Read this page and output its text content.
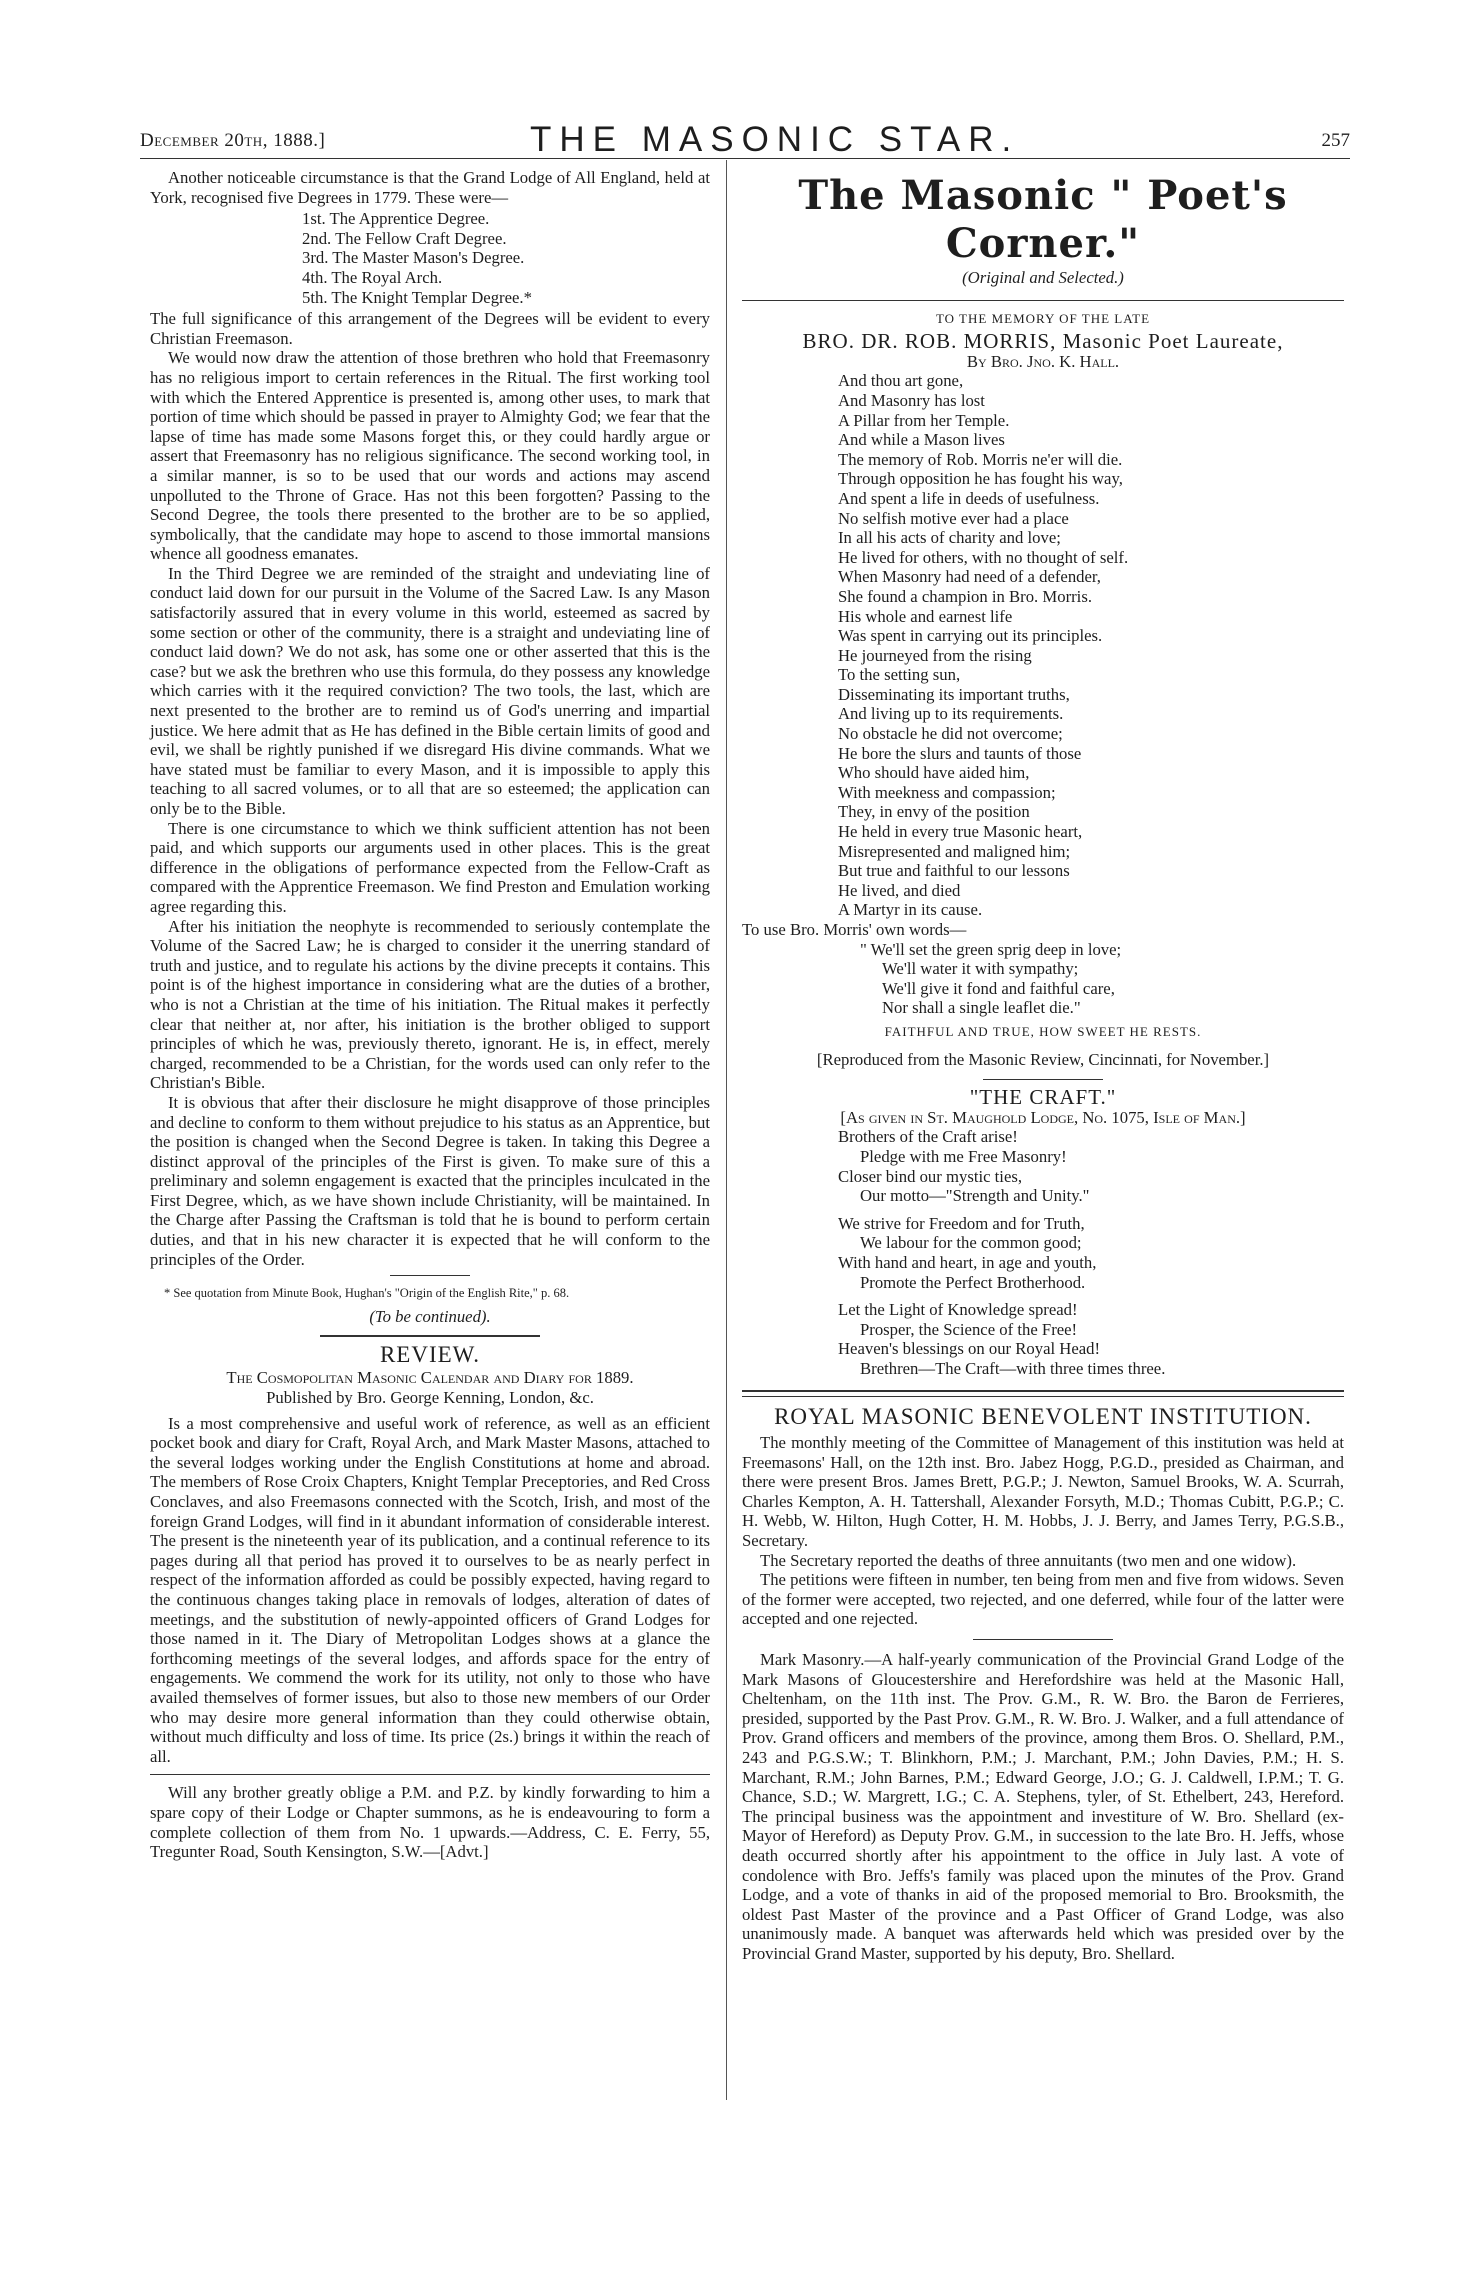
December 20th, 1888.]	THE MASONIC STAR.	257

Another noticeable circumstance is that the Grand Lodge of All England, held at York, recognised five Degrees in 1779. These were—

1st. The Apprentice Degree.
2nd. The Fellow Craft Degree.
3rd. The Master Mason's Degree.
4th. The Royal Arch.
5th. The Knight Templar Degree.*

The full significance of this arrangement of the Degrees will be evident to every Christian Freemason.

We would now draw the attention of those brethren who hold that Freemasonry has no religious import to certain references in the Ritual. The first working tool with which the Entered Apprentice is presented is, among other uses, to mark that portion of time which should be passed in prayer to Almighty God; we fear that the lapse of time has made some Masons forget this, or they could hardly argue or assert that Freemasonry has no religious significance. The second working tool, in a similar manner, is so to be used that our words and actions may ascend unpolluted to the Throne of Grace. Has not this been forgotten? Passing to the Second Degree, the tools there presented to the brother are to be so applied, symbolically, that the candidate may hope to ascend to those immortal mansions whence all goodness emanates.

In the Third Degree we are reminded of the straight and undeviating line of conduct laid down for our pursuit in the Volume of the Sacred Law. Is any Mason satisfactorily assured that in every volume in this world, esteemed as sacred by some section or other of the community, there is a straight and undeviating line of conduct laid down? We do not ask, has some one or other asserted that this is the case? but we ask the brethren who use this formula, do they possess any knowledge which carries with it the required conviction? The two tools, the last, which are next presented to the brother are to remind us of God's unerring and impartial justice. We here admit that as He has defined in the Bible certain limits of good and evil, we shall be rightly punished if we disregard His divine commands. What we have stated must be familiar to every Mason, and it is impossible to apply this teaching to all sacred volumes, or to all that are so esteemed; the application can only be to the Bible.

There is one circumstance to which we think sufficient attention has not been paid, and which supports our arguments used in other places. This is the great difference in the obligations of performance expected from the Fellow-Craft as compared with the Apprentice Freemason. We find Preston and Emulation working agree regarding this.

After his initiation the neophyte is recommended to seriously contemplate the Volume of the Sacred Law; he is charged to consider it the unerring standard of truth and justice, and to regulate his actions by the divine precepts it contains. This point is of the highest importance in considering what are the duties of a brother, who is not a Christian at the time of his initiation. The Ritual makes it perfectly clear that neither at, nor after, his initiation is the brother obliged to support principles of which he was, previously thereto, ignorant. He is, in effect, merely charged, recommended to be a Christian, for the words used can only refer to the Christian's Bible.

It is obvious that after their disclosure he might disapprove of those principles and decline to conform to them without prejudice to his status as an Apprentice, but the position is changed when the Second Degree is taken. In taking this Degree a distinct approval of the principles of the First is given. To make sure of this a preliminary and solemn engagement is exacted that the principles inculcated in the First Degree, which, as we have shown include Christianity, will be maintained. In the Charge after Passing the Craftsman is told that he is bound to perform certain duties, and that in his new character it is expected that he will conform to the principles of the Order.

* See quotation from Minute Book, Hughan's "Origin of the English Rite," p. 68.

(To be continued).

REVIEW.

The Cosmopolitan Masonic Calendar and Diary for 1889.

Published by Bro. George Kenning, London, &c.

Is a most comprehensive and useful work of reference, as well as an efficient pocket book and diary for Craft, Royal Arch, and Mark Master Masons, attached to the several lodges working under the English Constitutions at home and abroad. The members of Rose Croix Chapters, Knight Templar Preceptories, and Red Cross Conclaves, and also Freemasons connected with the Scotch, Irish, and most of the foreign Grand Lodges, will find in it abundant information of considerable interest. The present is the nineteenth year of its publication, and a continual reference to its pages during all that period has proved it to ourselves to be as nearly perfect in respect of the information afforded as could be possibly expected, having regard to the continuous changes taking place in removals of lodges, alteration of dates of meetings, and the substitution of newly-appointed officers of Grand Lodges for those named in it. The Diary of Metropolitan Lodges shows at a glance the forthcoming meetings of the several lodges, and affords space for the entry of engagements. We commend the work for its utility, not only to those who have availed themselves of former issues, but also to those new members of our Order who may desire more general information than they could otherwise obtain, without much difficulty and loss of time. Its price (2s.) brings it within the reach of all.

Will any brother greatly oblige a P.M. and P.Z. by kindly forwarding to him a spare copy of their Lodge or Chapter summons, as he is endeavouring to form a complete collection of them from No. 1 upwards.—Address, C. E. Ferry, 55, Tregunter Road, South Kensington, S.W.—[Advt.]

The Masonic " Poet's Corner."

(Original and Selected.)

TO THE MEMORY OF THE LATE

BRO. DR. ROB. MORRIS, Masonic Poet Laureate,

By Bro. Jno. K. Hall.

And thou art gone,
And Masonry has lost
A Pillar from her Temple.
And while a Mason lives
The memory of Rob. Morris ne'er will die.
Through opposition he has fought his way,
And spent a life in deeds of usefulness.
No selfish motive ever had a place
In all his acts of charity and love;
He lived for others, with no thought of self.
When Masonry had need of a defender,
She found a champion in Bro. Morris.
His whole and earnest life
Was spent in carrying out its principles.
He journeyed from the rising
To the setting sun,
Disseminating its important truths,
And living up to its requirements.
No obstacle he did not overcome;
He bore the slurs and taunts of those
Who should have aided him,
With meekness and compassion;
They, in envy of the position
He held in every true Masonic heart,
Misrepresented and maligned him;
But true and faithful to our lessons
He lived, and died
A Martyr in its cause.

To use Bro. Morris' own words—

" We'll set the green sprig deep in love;
We'll water it with sympathy;
We'll give it fond and faithful care,
Nor shall a single leaflet die."

FAITHFUL AND TRUE, HOW SWEET HE RESTS.

[Reproduced from the Masonic Review, Cincinnati, for November.]

"THE CRAFT."

[As given in St. Maughold Lodge, No. 1075, Isle of Man.]

Brothers of the Craft arise!
Pledge with me Free Masonry!
Closer bind our mystic ties,
Our motto—"Strength and Unity."
We strive for Freedom and for Truth,
We labour for the common good;
With hand and heart, in age and youth,
Promote the Perfect Brotherhood.
Let the Light of Knowledge spread!
Prosper, the Science of the Free!
Heaven's blessings on our Royal Head!
Brethren—The Craft—with three times three.
ROYAL MASONIC BENEVOLENT INSTITUTION.

The monthly meeting of the Committee of Management of this institution was held at Freemasons' Hall, on the 12th inst. Bro. Jabez Hogg, P.G.D., presided as Chairman, and there were present Bros. James Brett, P.G.P.; J. Newton, Samuel Brooks, W. A. Scurrah, Charles Kempton, A. H. Tattershall, Alexander Forsyth, M.D.; Thomas Cubitt, P.G.P.; C. H. Webb, W. Hilton, Hugh Cotter, H. M. Hobbs, J. J. Berry, and James Terry, P.G.S.B., Secretary.

The Secretary reported the deaths of three annuitants (two men and one widow).

The petitions were fifteen in number, ten being from men and five from widows. Seven of the former were accepted, two rejected, and one deferred, while four of the latter were accepted and one rejected.

Mark Masonry.—A half-yearly communication of the Provincial Grand Lodge of the Mark Masons of Gloucestershire and Herefordshire was held at the Masonic Hall, Cheltenham, on the 11th inst. The Prov. G.M., R. W. Bro. the Baron de Ferrieres, presided, supported by the Past Prov. G.M., R. W. Bro. J. Walker, and a full attendance of Prov. Grand officers and members of the province, among them Bros. O. Shellard, P.M., 243 and P.G.S.W.; T. Blinkhorn, P.M.; J. Marchant, P.M.; John Davies, P.M.; H. S. Marchant, R.M.; John Barnes, P.M.; Edward George, J.O.; G. J. Caldwell, I.P.M.; T. G. Chance, S.D.; W. Margrett, I.G.; C. A. Stephens, tyler, of St. Ethelbert, 243, Hereford. The principal business was the appointment and investiture of W. Bro. Shellard (ex-Mayor of Hereford) as Deputy Prov. G.M., in succession to the late Bro. H. Jeffs, whose death occurred shortly after his appointment to the office in July last. A vote of condolence with Bro. Jeffs's family was placed upon the minutes of the Prov. Grand Lodge, and a vote of thanks in aid of the proposed memorial to Bro. Brooksmith, the oldest Past Master of the province and a Past Officer of Grand Lodge, was also unanimously made. A banquet was afterwards held which was presided over by the Provincial Grand Master, supported by his deputy, Bro. Shellard.
